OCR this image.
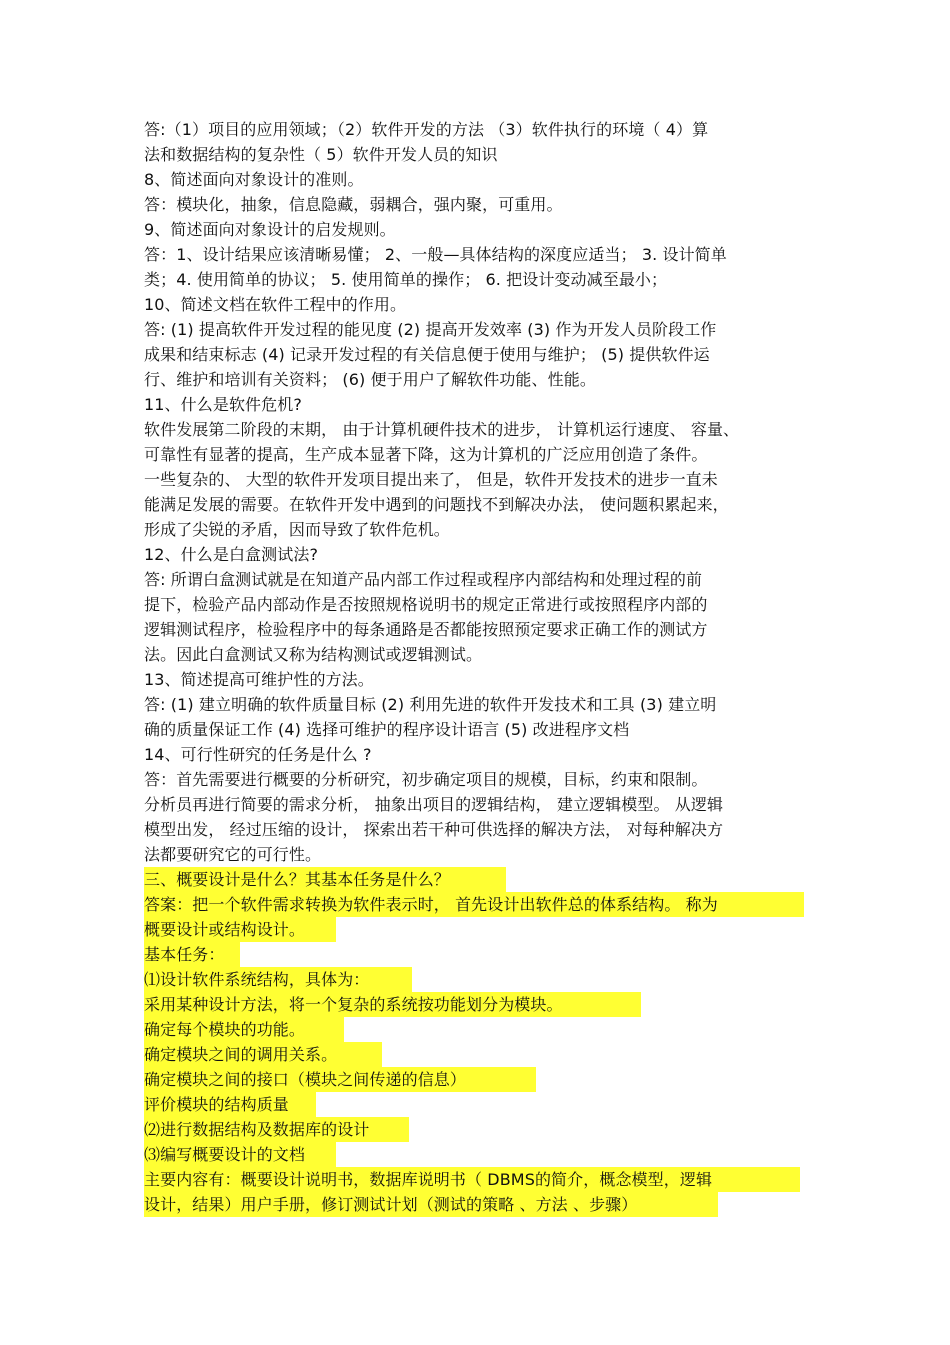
答:（1）项目的应用领域；（2）软件开发的方法 （3）软件执行的环境（ 4）算
法和数据结构的复杂性（ 5）软件开发人员的知识
8、简述面向对象设计的准则。
答：模块化，抽象，信息隐藏，弱耦合，强内聚，可重用。
9、简述面向对象设计的启发规则。
答：1、设计结果应该清晰易懂； 2、一般—具体结构的深度应适当； 3. 设计简单
类；4. 使用简单的协议； 5. 使用简单的操作； 6. 把设计变动减至最小；
10、简述文档在软件工程中的作用。
答: (1) 提高软件开发过程的能见度 (2) 提高开发效率 (3) 作为开发人员阶段工作
成果和结束标志 (4) 记录开发过程的有关信息便于使用与维护； (5) 提供软件运
行、维护和培训有关资料； (6) 便于用户了解软件功能、性能。
11、什么是软件危机?
软件发展第二阶段的末期， 由于计算机硬件技术的进步， 计算机运行速度、 容量、
可靠性有显著的提高，生产成本显著下降，这为计算机的广泛应用创造了条件。
一些复杂的、 大型的软件开发项目提出来了， 但是，软件开发技术的进步一直未
能满足发展的需要。在软件开发中遇到的问题找不到解决办法， 使问题积累起来，
形成了尖锐的矛盾，因而导致了软件危机。
12、什么是白盒测试法?
答: 所谓白盒测试就是在知道产品内部工作过程或程序内部结构和处理过程的前
提下，检验产品内部动作是否按照规格说明书的规定正常进行或按照程序内部的
逻辑测试程序，检验程序中的每条通路是否都能按照预定要求正确工作的测试方
法。因此白盒测试又称为结构测试或逻辑测试。
13、简述提高可维护性的方法。
答: (1) 建立明确的软件质量目标 (2) 利用先进的软件开发技术和工具 (3) 建立明
确的质量保证工作 (4) 选择可维护的程序设计语言 (5) 改进程序文档
14、可行性研究的任务是什么 ?
答：首先需要进行概要的分析研究，初步确定项目的规模，目标，约束和限制。
分析员再进行简要的需求分析， 抽象出项目的逻辑结构， 建立逻辑模型。 从逻辑
模型出发， 经过压缩的设计， 探索出若干种可供选择的解决方法， 对每种解决方
法都要研究它的可行性。
三、概要设计是什么？其基本任务是什么？
答案：把一个软件需求转换为软件表示时， 首先设计出软件总的体系结构。 称为
概要设计或结构设计。
基本任务：
⑴设计软件系统结构，具体为：
采用某种设计方法，将一个复杂的系统按功能划分为模块。
确定每个模块的功能。
确定模块之间的调用关系。
确定模块之间的接口（模块之间传递的信息）
评价模块的结构质量
⑵进行数据结构及数据库的设计
⑶编写概要设计的文档
主要内容有：概要设计说明书，数据库说明书（ DBMS的简介，概念模型，逻辑
设计，结果）用户手册，修订测试计划（测试的策略 、方法 、步骤）
